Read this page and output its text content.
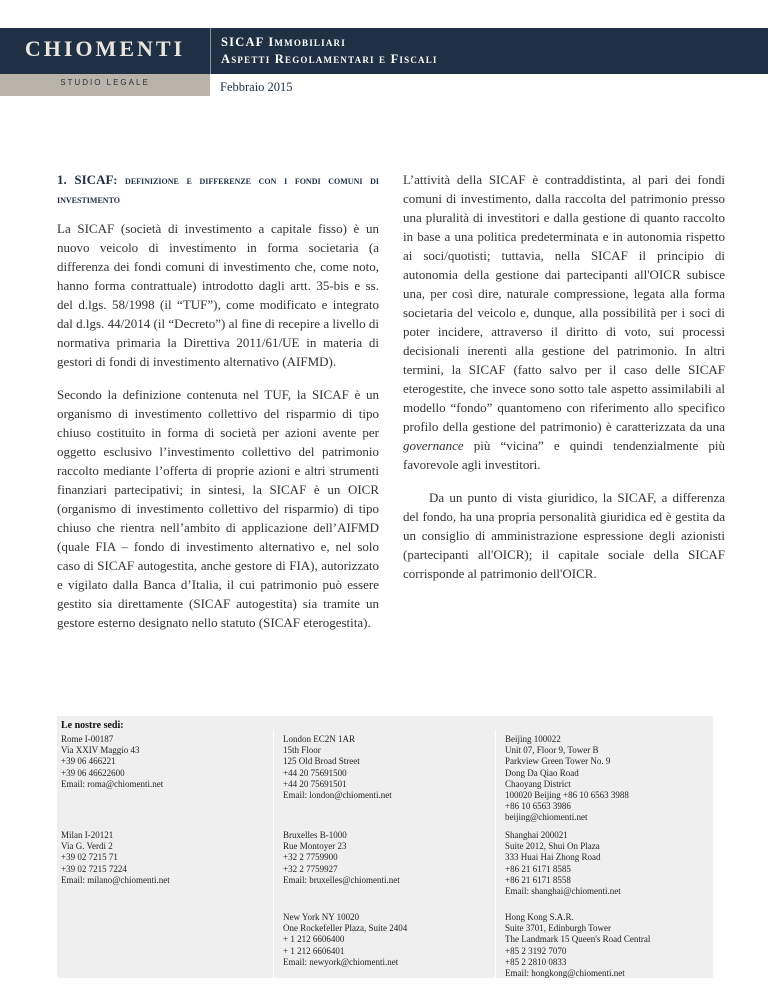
CHIOMENTI
STUDIO LEGALE
SICAF Immobiliari
Aspetti Regolamentari e Fiscali
Febbraio 2015
1. SICAF: definizione e differenze con i fondi comuni di investimento

La SICAF (società di investimento a capitale fisso) è un nuovo veicolo di investimento in forma societaria (a differenza dei fondi comuni di investimento che, come noto, hanno forma contrattuale) introdotto dagli artt. 35-bis e ss. del d.lgs. 58/1998 (il “TUF”), come modificato e integrato dal d.lgs. 44/2014 (il “Decreto”) al fine di recepire a livello di normativa primaria la Direttiva 2011/61/UE in materia di gestori di fondi di investimento alternativo (AIFMD).

Secondo la definizione contenuta nel TUF, la SICAF è un organismo di investimento collettivo del risparmio di tipo chiuso costituito in forma di società per azioni avente per oggetto esclusivo l’investimento collettivo del patrimonio raccolto mediante l’offerta di proprie azioni e altri strumenti finanziari partecipativi; in sintesi, la SICAF è un OICR (organismo di investimento collettivo del risparmio) di tipo chiuso che rientra nell’ambito di applicazione dell’AIFMD (quale FIA – fondo di investimento alternativo e, nel solo caso di SICAF autogestita, anche gestore di FIA), autorizzato e vigilato dalla Banca d’Italia, il cui patrimonio può essere gestito sia direttamente (SICAF autogestita) sia tramite un gestore esterno designato nello statuto (SICAF eterogestita).

L’attività della SICAF è contraddistinta, al pari dei fondi comuni di investimento, dalla raccolta del patrimonio presso una pluralità di investitori e dalla gestione di quanto raccolto in base a una politica predeterminata e in autonomia rispetto ai soci/quotisti; tuttavia, nella SICAF il principio di autonomia della gestione dai partecipanti all'OICR subisce una, per così dire, naturale compressione, legata alla forma societaria del veicolo e, dunque, alla possibilità per i soci di poter incidere, attraverso il diritto di voto, sui processi decisionali inerenti alla gestione del patrimonio. In altri termini, la SICAF (fatto salvo per il caso delle SICAF eterogestite, che invece sono sotto tale aspetto assimilabili al modello “fondo” quantomeno con riferimento allo specifico profilo della gestione del patrimonio) è caratterizzata da una governance più “vicina” e quindi tendenzialmente più favorevole agli investitori.

Da un punto di vista giuridico, la SICAF, a differenza del fondo, ha una propria personalità giuridica ed è gestita da un consiglio di amministrazione espressione degli azionisti (partecipanti all'OICR); il capitale sociale della SICAF corrisponde al patrimonio dell'OICR.

Le nostre sedi:
Rome I-00187
Via XXIV Maggio 43
+39 06 466221
+39 06 46622600
Email: roma@chiomenti.net
London EC2N 1AR
15th Floor
125 Old Broad Street
+44 20 75691500
+44 20 75691501
Email: london@chiomenti.net
Beijing 100022
Unit 07, Floor 9, Tower B
Parkview Green Tower No. 9
Dong Da Qiao Road
Chaoyang District
100020 Beijing +86 10 6563 3988
+86 10 6563 3986
beijing@chiomenti.net
Milan I-20121
Via G. Verdi 2
+39 02 7215 71
+39 02 7215 7224
Email: milano@chiomenti.net
Bruxelles B-1000
Rue Montoyer 23
+32 2 7759900
+32 2 7759927
Email: bruxelles@chiomenti.net
Shanghai 200021
Suite 2012, Shui On Plaza
333 Huai Hai Zhong Road
+86 21 6171 8585
+86 21 6171 8558
Email: shanghai@chiomenti.net
New York NY 10020
One Rockefeller Plaza, Suite 2404
+ 1 212 6606400
+ 1 212 6606401
Email: newyork@chiomenti.net
Hong Kong S.A.R.
Suite 3701, Edinburgh Tower
The Landmark 15 Queen's Road Central
+85 2 3192 7070
+85 2 2810 0833
Email: hongkong@chiomenti.net
